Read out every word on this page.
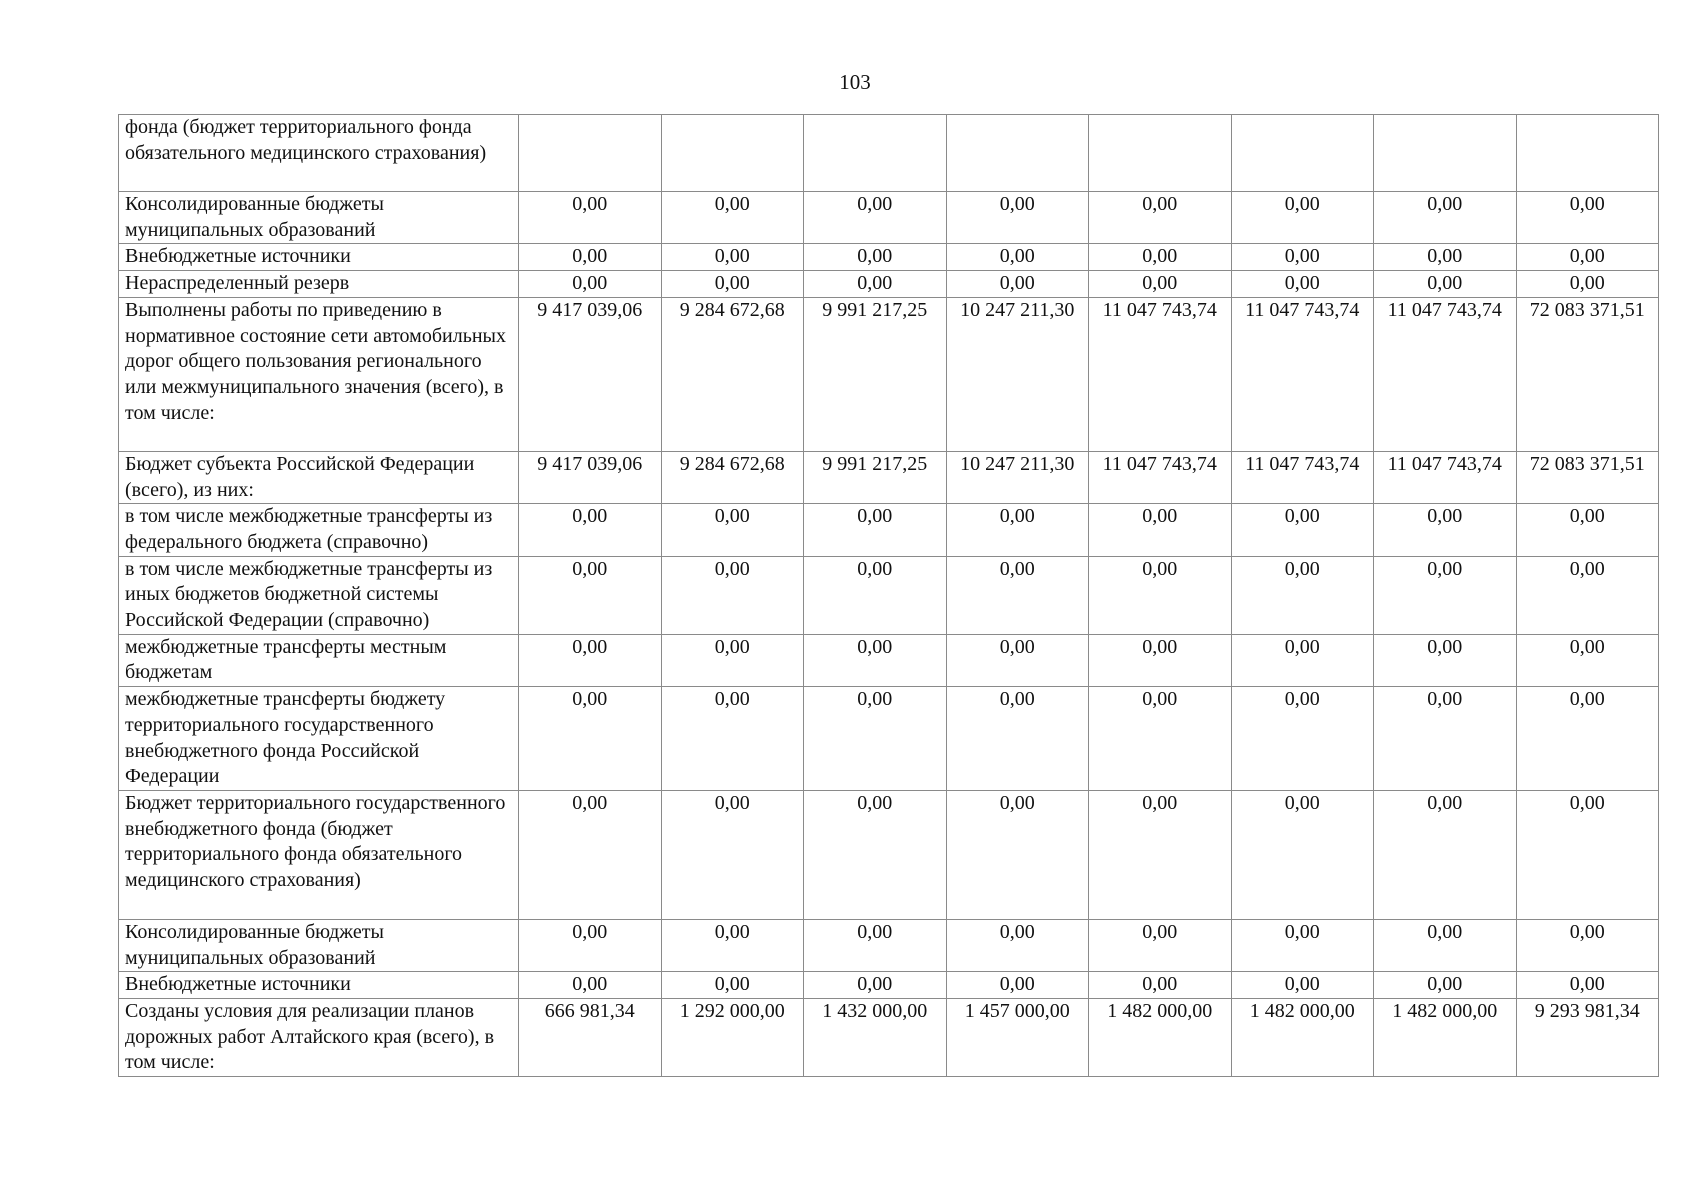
103
фонда (бюджет территориального фонда обязательного медицинского страхования)								
Консолидированные бюджеты муниципальных образований	0,00	0,00	0,00	0,00	0,00	0,00	0,00	0,00
Внебюджетные источники	0,00	0,00	0,00	0,00	0,00	0,00	0,00	0,00
Нераспределенный резерв	0,00	0,00	0,00	0,00	0,00	0,00	0,00	0,00
Выполнены работы по приведению в нормативное состояние сети автомобильных дорог общего пользования регионального или межмуниципального значения (всего), в том числе:	9 417 039,06	9 284 672,68	9 991 217,25	10 247 211,30	11 047 743,74	11 047 743,74	11 047 743,74	72 083 371,51
Бюджет субъекта Российской Федерации (всего), из них:	9 417 039,06	9 284 672,68	9 991 217,25	10 247 211,30	11 047 743,74	11 047 743,74	11 047 743,74	72 083 371,51
в том числе межбюджетные трансферты из федерального бюджета (справочно)	0,00	0,00	0,00	0,00	0,00	0,00	0,00	0,00
в том числе межбюджетные трансферты из иных бюджетов бюджетной системы Российской Федерации (справочно)	0,00	0,00	0,00	0,00	0,00	0,00	0,00	0,00
межбюджетные трансферты местным бюджетам	0,00	0,00	0,00	0,00	0,00	0,00	0,00	0,00
межбюджетные трансферты бюджету территориального государственного внебюджетного фонда Российской Федерации	0,00	0,00	0,00	0,00	0,00	0,00	0,00	0,00
Бюджет территориального государственного внебюджетного фонда (бюджет территориального фонда обязательного медицинского страхования)	0,00	0,00	0,00	0,00	0,00	0,00	0,00	0,00
Консолидированные бюджеты муниципальных образований	0,00	0,00	0,00	0,00	0,00	0,00	0,00	0,00
Внебюджетные источники	0,00	0,00	0,00	0,00	0,00	0,00	0,00	0,00
Созданы условия для реализации планов дорожных работ Алтайского края (всего), в том числе:	666 981,34	1 292 000,00	1 432 000,00	1 457 000,00	1 482 000,00	1 482 000,00	1 482 000,00	9 293 981,34
